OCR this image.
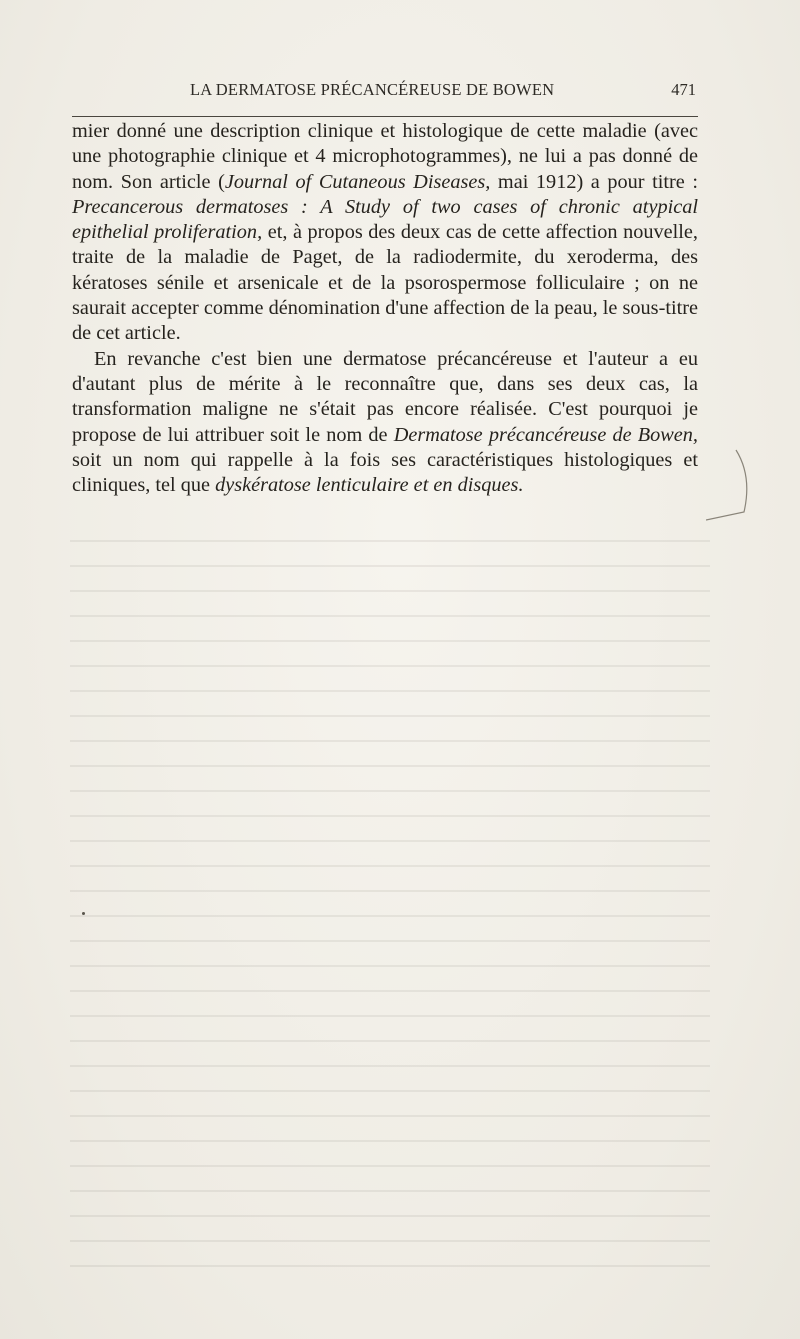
LA DERMATOSE PRÉCANCÉREUSE DE BOWEN	471

mier donné une description clinique et histologique de cette maladie (avec une photographie clinique et 4 microphotogrammes), ne lui a pas donné de nom. Son article (Journal of Cutaneous Diseases, mai 1912) a pour titre : Precancerous dermatoses : A Study of two cases of chronic atypical epithelial proliferation, et, à propos des deux cas de cette affection nouvelle, traite de la maladie de Paget, de la radiodermite, du xeroderma, des kératoses sénile et arsenicale et de la psorospermose folliculaire ; on ne saurait accepter comme dénomination d'une affection de la peau, le sous-titre de cet article.

En revanche c'est bien une dermatose précancéreuse et l'auteur a eu d'autant plus de mérite à le reconnaître que, dans ses deux cas, la transformation maligne ne s'était pas encore réalisée. C'est pourquoi je propose de lui attribuer soit le nom de Dermatose précancéreuse de Bowen, soit un nom qui rappelle à la fois ses caractéristiques histologiques et cliniques, tel que dyskératose lenticulaire et en disques.
